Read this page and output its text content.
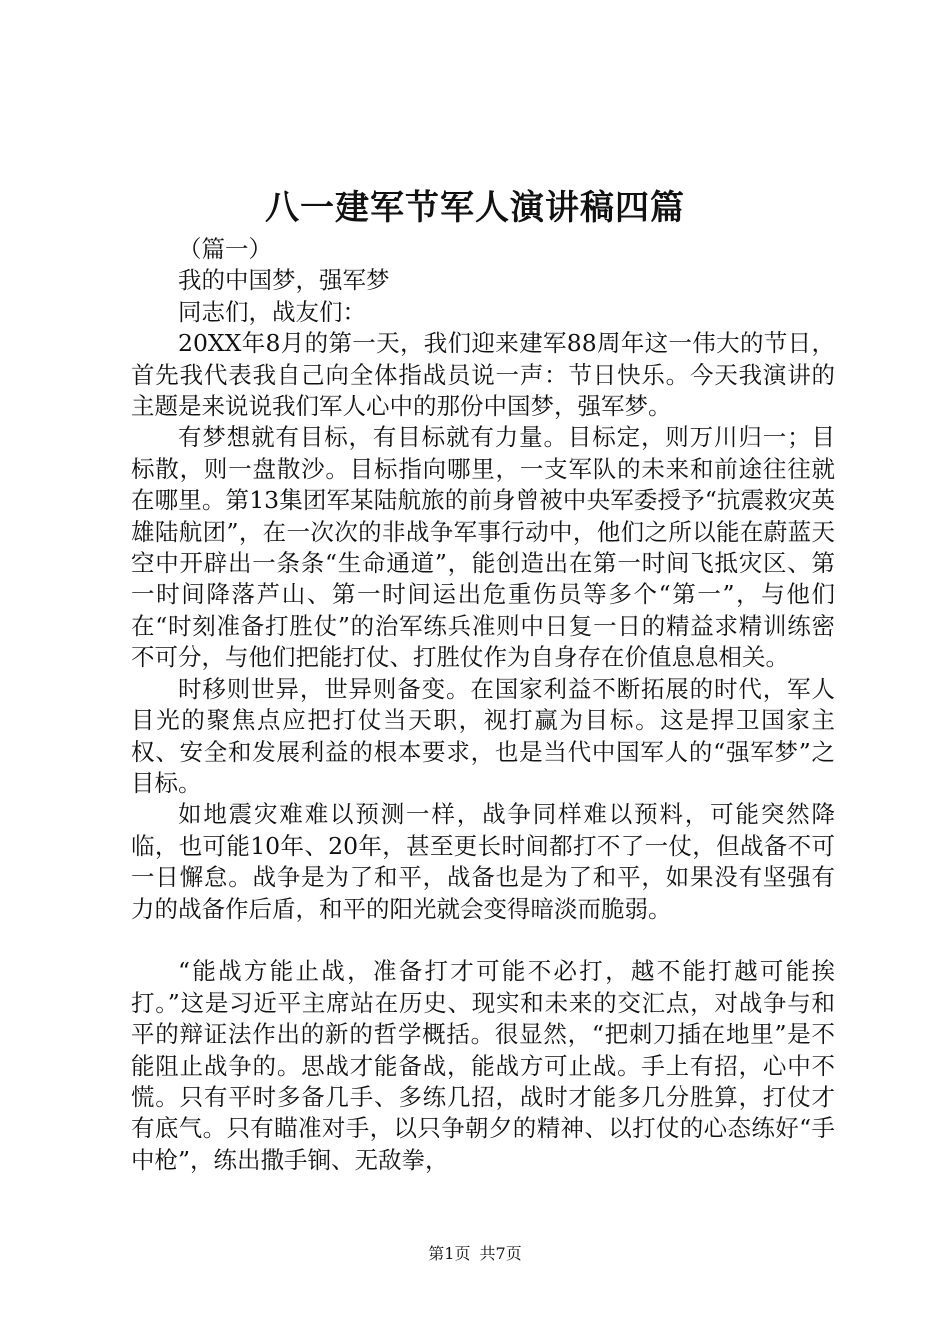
八一建军节军人演讲稿四篇

（篇一）

我的中国梦，强军梦

同志们，战友们：

20XX年8月的第一天，我们迎来建军88周年这一伟大的节日，首先我代表我自己向全体指战员说一声：节日快乐。今天我演讲的主题是来说说我们军人心中的那份中国梦，强军梦。

有梦想就有目标，有目标就有力量。目标定，则万川归一；目标散，则一盘散沙。目标指向哪里，一支军队的未来和前途往往就在哪里。第13集团军某陆航旅的前身曾被中央军委授予“抗震救灾英雄陆航团”，在一次次的非战争军事行动中，他们之所以能在蔚蓝天空中开辟出一条条“生命通道”，能创造出在第一时间飞抵灾区、第一时间降落芦山、第一时间运出危重伤员等多个“第一”，与他们在“时刻准备打胜仗”的治军练兵准则中日复一日的精益求精训练密不可分，与他们把能打仗、打胜仗作为自身存在价值息息相关。

时移则世异，世异则备变。在国家利益不断拓展的时代，军人目光的聚焦点应把打仗当天职，视打赢为目标。这是捍卫国家主权、安全和发展利益的根本要求，也是当代中国军人的“强军梦”之目标。

如地震灾难难以预测一样，战争同样难以预料，可能突然降临，也可能10年、20年，甚至更长时间都打不了一仗，但战备不可一日懈怠。战争是为了和平，战备也是为了和平，如果没有坚强有力的战备作后盾，和平的阳光就会变得暗淡而脆弱。

“能战方能止战，准备打才可能不必打，越不能打越可能挨打。”这是习近平主席站在历史、现实和未来的交汇点，对战争与和平的辩证法作出的新的哲学概括。很显然，“把刺刀插在地里”是不能阻止战争的。思战才能备战，能战方可止战。手上有招，心中不慌。只有平时多备几手、多练几招，战时才能多几分胜算，打仗才有底气。只有瞄准对手，以只争朝夕的精神、以打仗的心态练好“手中枪”，练出撒手锏、无敌拳，

第1页 共7页
